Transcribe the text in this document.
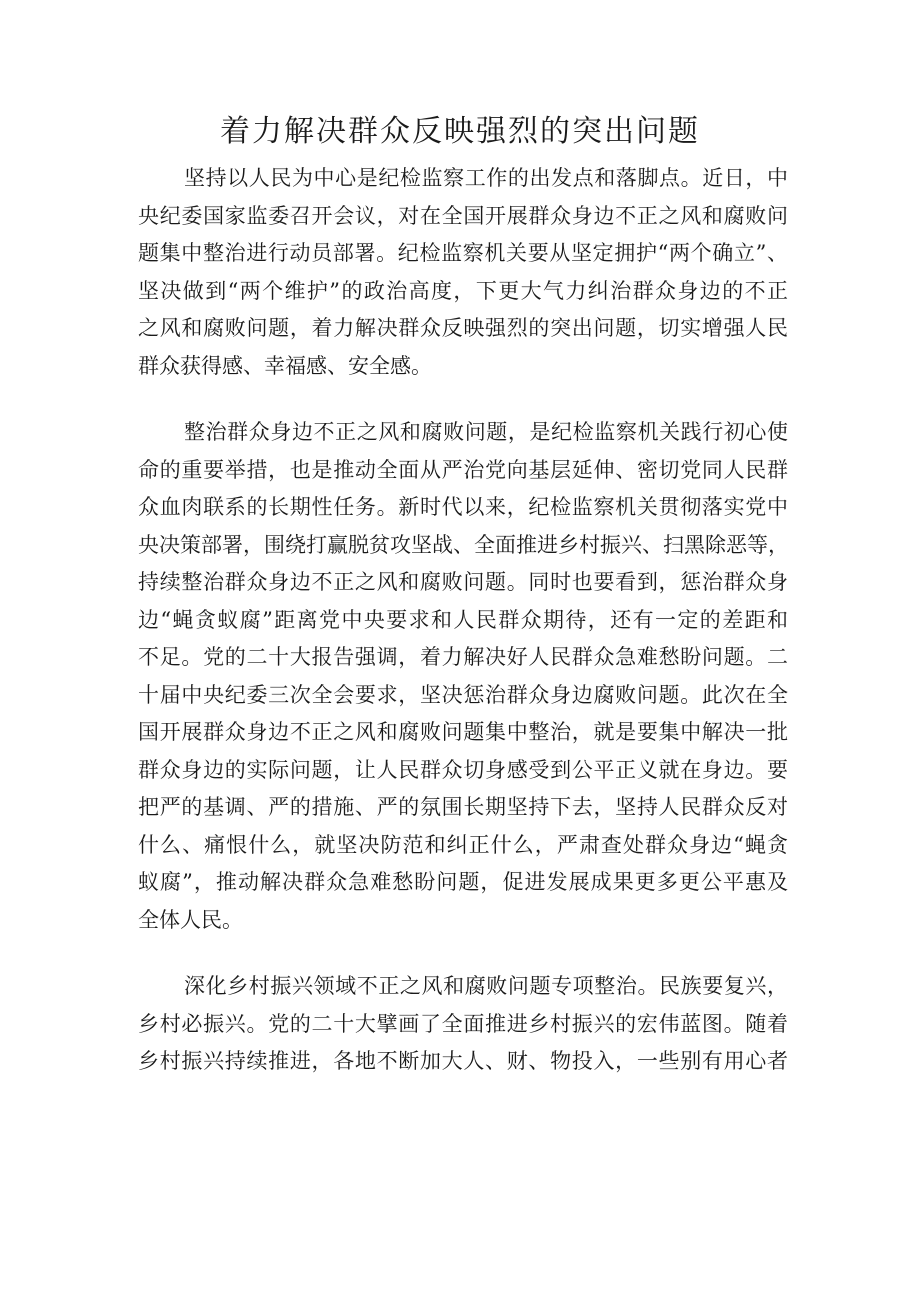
着力解决群众反映强烈的突出问题
坚持以人民为中心是纪检监察工作的出发点和落脚点。近日，中
央纪委国家监委召开会议，对在全国开展群众身边不正之风和腐败问
题集中整治进行动员部署。纪检监察机关要从坚定拥护“两个确立”、
坚决做到“两个维护”的政治高度，下更大气力纠治群众身边的不正
之风和腐败问题，着力解决群众反映强烈的突出问题，切实增强人民
群众获得感、幸福感、安全感。
整治群众身边不正之风和腐败问题，是纪检监察机关践行初心使
命的重要举措，也是推动全面从严治党向基层延伸、密切党同人民群
众血肉联系的长期性任务。新时代以来，纪检监察机关贯彻落实党中
央决策部署，围绕打赢脱贫攻坚战、全面推进乡村振兴、扫黑除恶等，
持续整治群众身边不正之风和腐败问题。同时也要看到，惩治群众身
边“蝇贪蚁腐”距离党中央要求和人民群众期待，还有一定的差距和
不足。党的二十大报告强调，着力解决好人民群众急难愁盼问题。二
十届中央纪委三次全会要求，坚决惩治群众身边腐败问题。此次在全
国开展群众身边不正之风和腐败问题集中整治，就是要集中解决一批
群众身边的实际问题，让人民群众切身感受到公平正义就在身边。要
把严的基调、严的措施、严的氛围长期坚持下去，坚持人民群众反对
什么、痛恨什么，就坚决防范和纠正什么，严肃查处群众身边“蝇贪
蚁腐”，推动解决群众急难愁盼问题，促进发展成果更多更公平惠及
全体人民。
深化乡村振兴领域不正之风和腐败问题专项整治。民族要复兴，
乡村必振兴。党的二十大擘画了全面推进乡村振兴的宏伟蓝图。随着
乡村振兴持续推进，各地不断加大人、财、物投入，一些别有用心者
